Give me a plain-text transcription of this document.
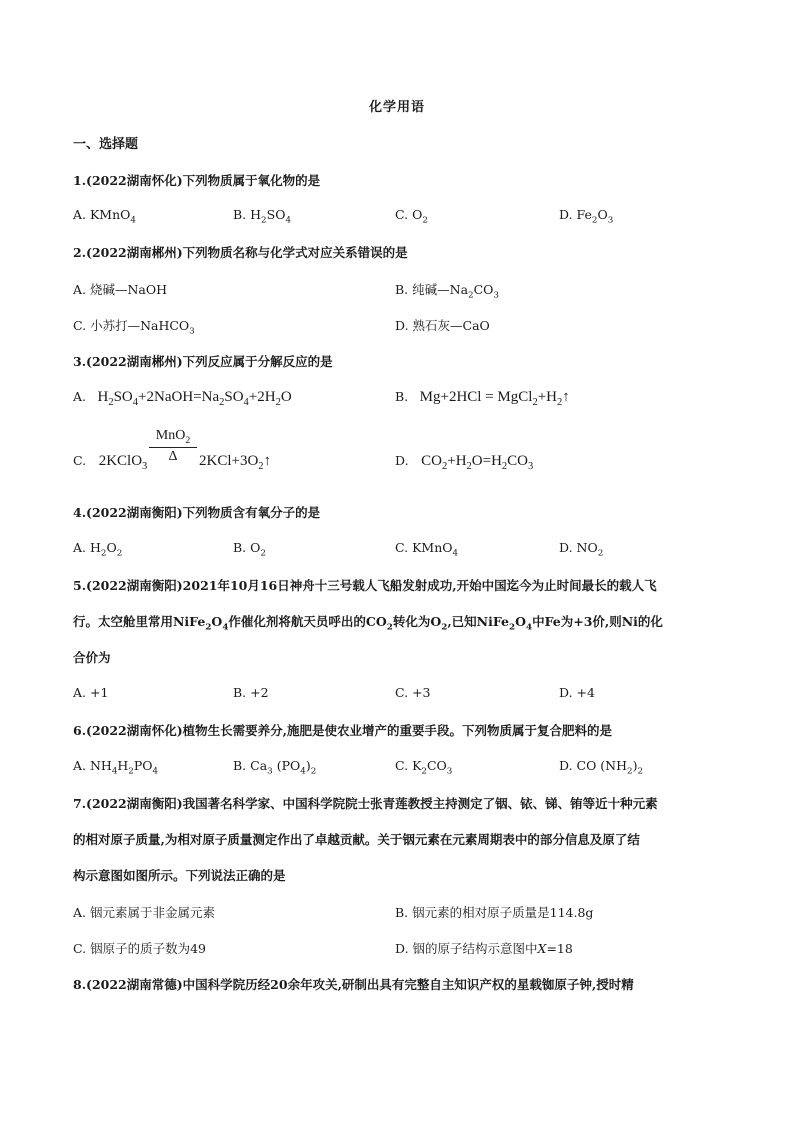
化学用语
一、选择题
1.(2022湖南怀化)下列物质属于氧化物的是
A. KMnO$_4$	B. $H_2SO_4$	C. $O_2$	D. $Fe_2O_3$
2.(2022湖南郴州)下列物质名称与化学式对应关系错误的是
A. 烧碱—NaOH	B. 纯碱$—Na_2CO_3$
C. 小苏打—NaHCO$_3$	D. 熟石灰—CaO
3.(2022湖南郴州)下列反应属于分解反应的是
A.   $H_2SO_4+2NaOH=Na_2SO_4+2H_2O$	B.   $Mg+2HCl = MgCl_2+H_2↑$
C.   2KClO$_3$
MnO$_2$
Δ	$2KCl+3O_2↑$	D.   $CO_2+H_2O=H_2CO_3$
4.(2022湖南衡阳)下列物质含有氧分子的是
A. $H_2O_2$	B. $O_2$	C. KMnO$_4$	D. $NO_2$
5.(2022湖南衡阳)2021年10月16日神舟十三号载人飞船发射成功,开始中国迄今为止时间最长的载人飞
行。太空舱里常用$NiFe_2O_4$作催化剂将航天员呼出的$CO_2$转化为$O_2$,已知$NiFe_2O_4$中Fe为+3价,则Ni的化
合价为
A. +1	B. +2	C. +3	D. +4
6.(2022湖南怀化)植物生长需要养分,施肥是使农业增产的重要手段。下列物质属于复合肥料的是
A. $NH_4H_2PO_4$	B. $Ca_3$ $(PO_4)_2$	C. $K_2CO_3$	D. CO $(NH_2)_2$
7.(2022湖南衡阳)我国著名科学家、中国科学院院士张青莲教授主持测定了铟、铱、锑、铕等近十种元素
的相对原子质量,为相对原子质量测定作出了卓越贡献。关于铟元素在元素周期表中的部分信息及原了结
构示意图如图所示。下列说法正确的是
A. 铟元素属于非金属元素	B. 铟元素的相对原子质量是114.8g
C. 铟原子的质子数为49	D. 铟的原子结构示意图中X=18
8.(2022湖南常德)中国科学院历经20余年攻关,研制出具有完整自主知识产权的星载铷原子钟,授时精
